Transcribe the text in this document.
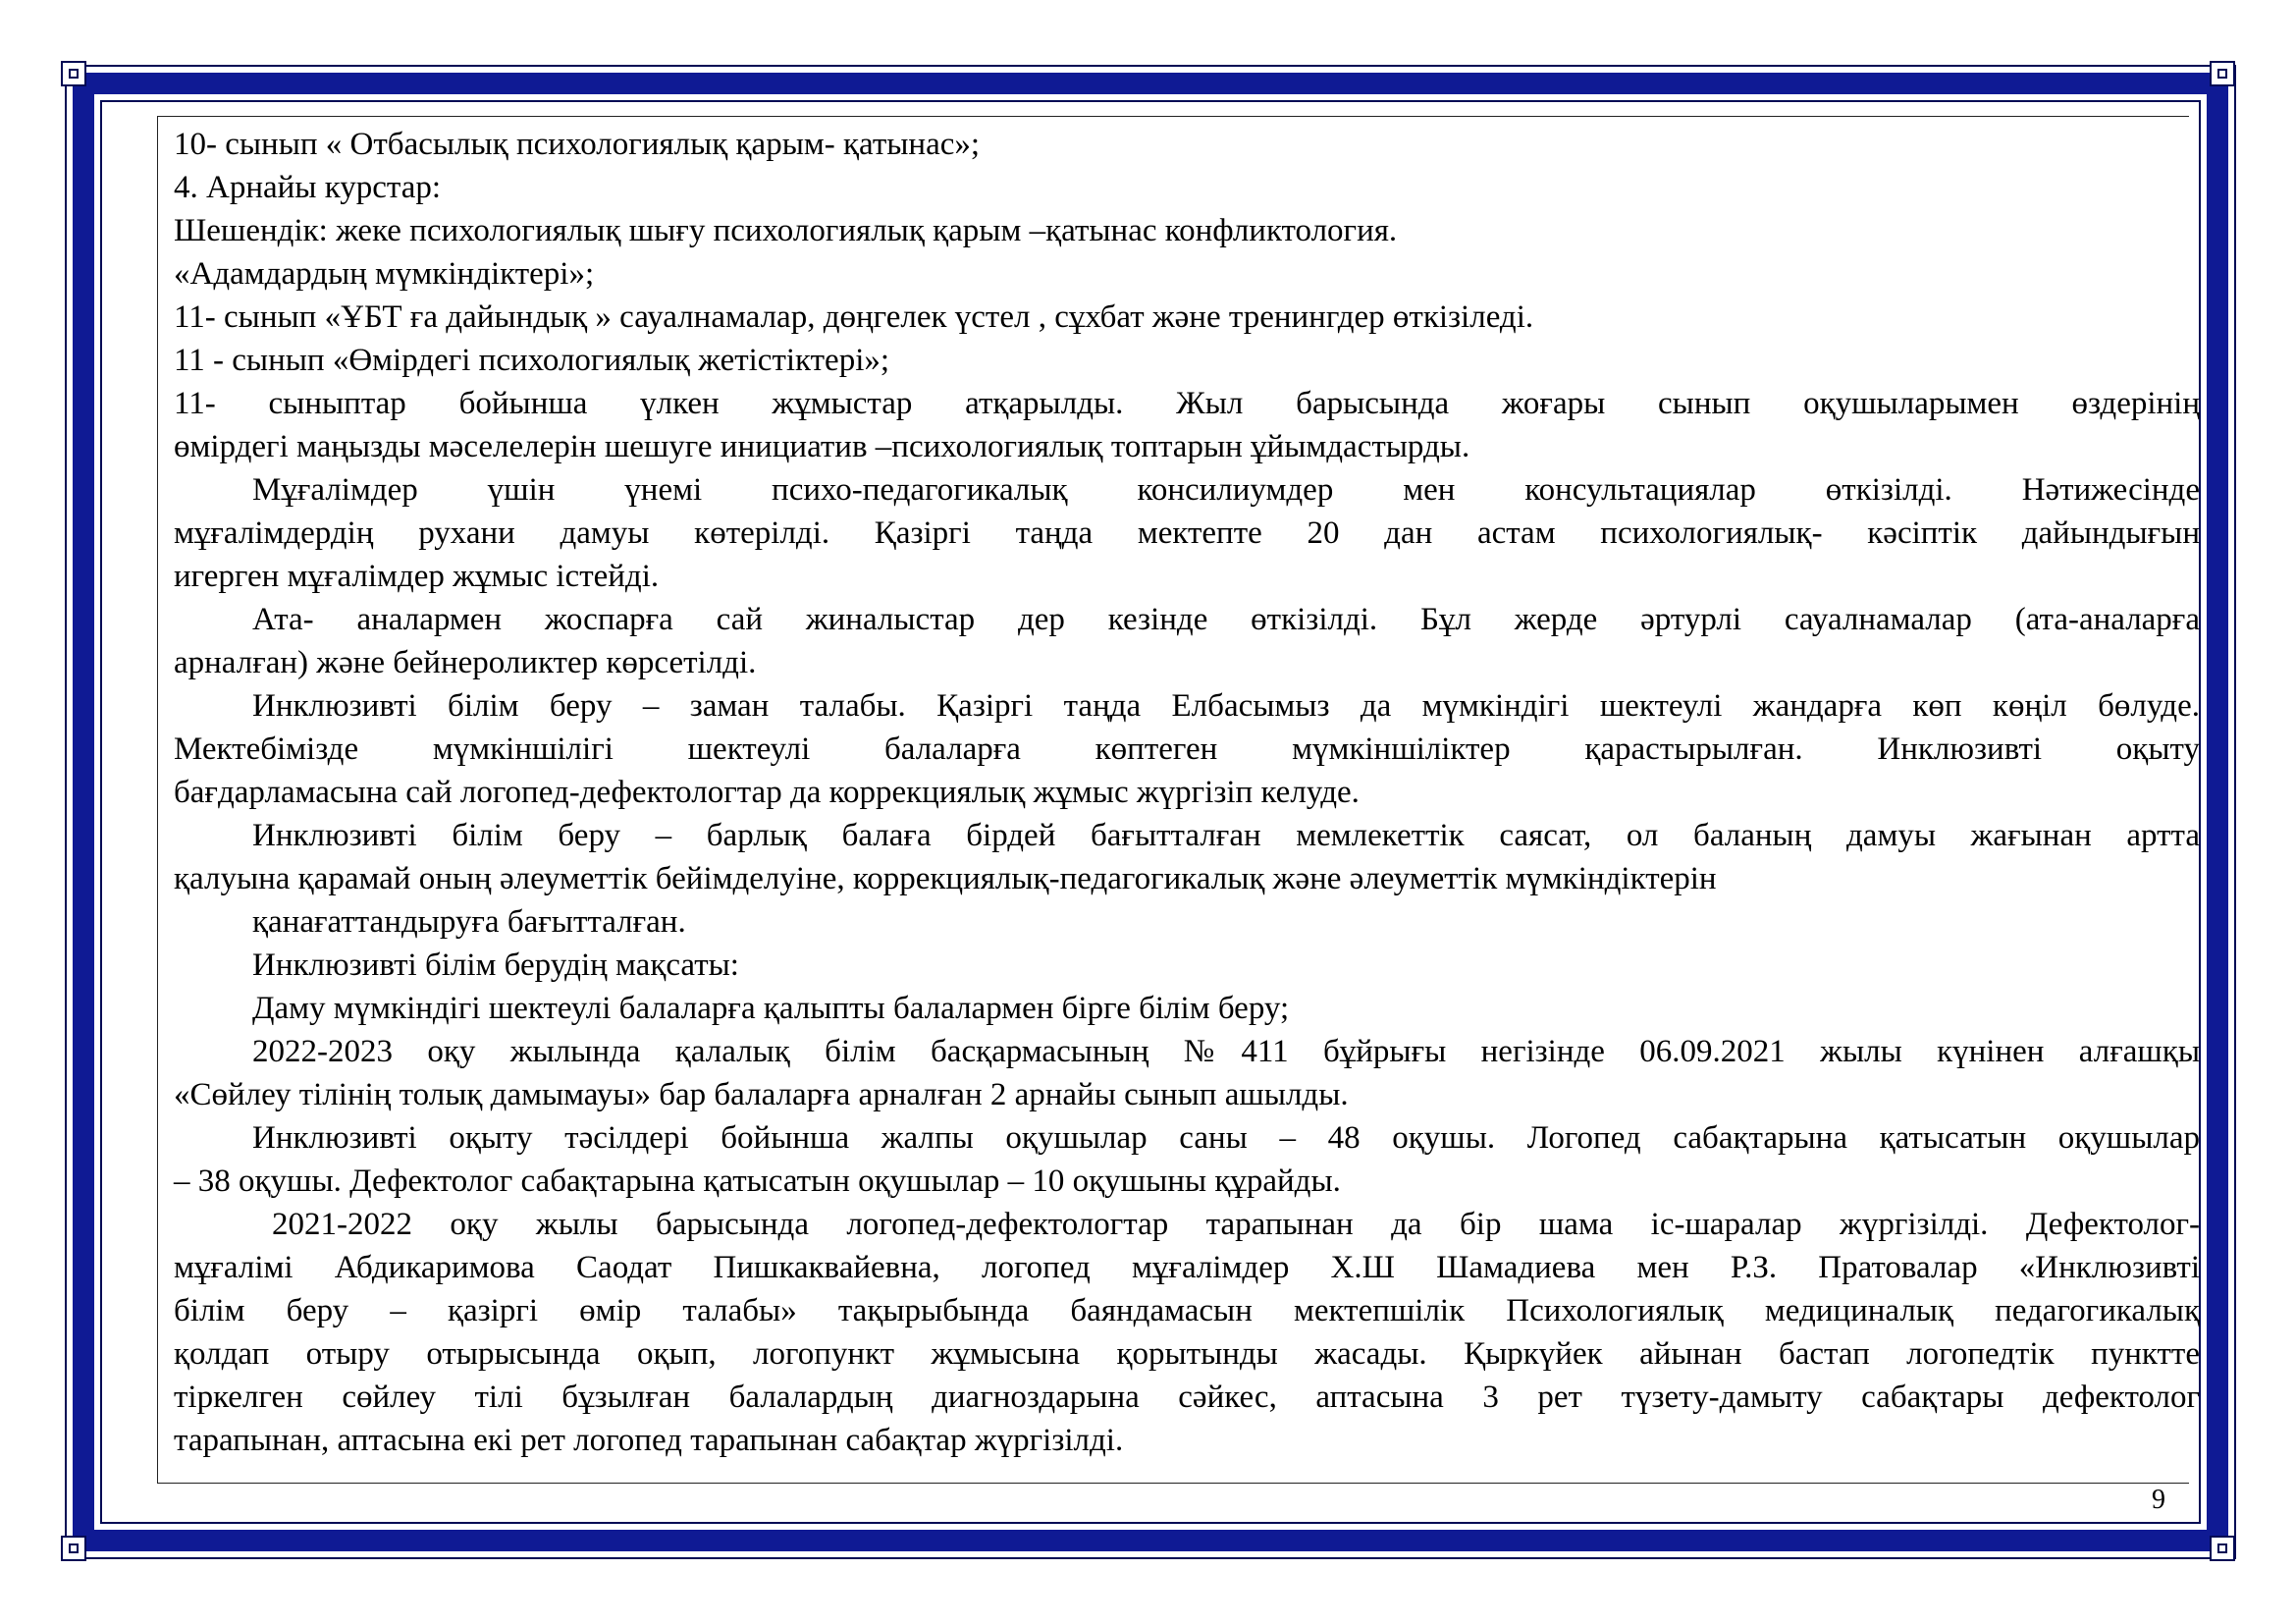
10- сынып « Отбасылық психологиялық қарым- қатынас»;

4. Арнайы курстар:

Шешендік: жеке психологиялық шығу психологиялық қарым –қатынас конфликтология.

«Адамдардың мүмкіндіктері»;

11- сынып «ҰБТ ға дайындық » сауалнамалар, дөңгелек үстел , сұхбат және тренингдер өткізіледі.

11 - сынып «Өмірдегі психологиялық жетістіктері»;

11- сыныптар бойынша үлкен жұмыстар атқарылды. Жыл барысында жоғары сынып оқушыларымен өздерінің

өмірдегі маңызды мәселелерін шешуге инициатив –психологиялық топтарын ұйымдастырды.

Мұғалімдер үшін үнемі психо-педагогикалық консилиумдер мен консультациялар өткізілді. Нәтижесінде

мұғалімдердің рухани дамуы көтерілді. Қазіргі таңда мектепте 20 дан астам психологиялық- кәсіптік дайындығын

игерген мұғалімдер жұмыс істейді.

Ата- аналармен жоспарға сай жиналыстар дер кезінде өткізілді. Бұл жерде әртурлі сауалнамалар (ата-аналарға

арналған) және бейнероликтер көрсетілді.

Инклюзивті білім беру – заман талабы. Қазіргі таңда Елбасымыз да мүмкіндігі шектеулі жандарға көп көңіл бөлуде.

Мектебімізде мүмкіншілігі шектеулі балаларға көптеген мүмкіншіліктер қарастырылған. Инклюзивті оқыту

бағдарламасына сай логопед-дефектологтар да коррекциялық жұмыс жүргізіп келуде.

Инклюзивті білім беру – барлық балаға бірдей бағытталған мемлекеттік саясат, ол баланың дамуы жағынан артта

қалуына қарамай оның әлеуметтік бейімделуіне, коррекциялық-педагогикалық және әлеуметтік мүмкіндіктерін

қанағаттандыруға бағытталған.

Инклюзивті білім берудің мақсаты:

Даму мүмкіндігі шектеулі балаларға қалыпты балалармен бірге білім беру;

2022-2023 оқу жылында қалалық білім басқармасының №411 бұйрығы негізінде 06.09.2021 жылы күнінен алғашқы

«Сөйлеу тілінің толық дамымауы» бар балаларға арналған 2 арнайы сынып ашылды.

Инклюзивті оқыту тәсілдері бойынша жалпы оқушылар саны – 48 оқушы. Логопед сабақтарына қатысатын оқушылар

– 38 оқушы. Дефектолог сабақтарына қатысатын оқушылар – 10 оқушыны құрайды.

2021-2022 оқу жылы барысында логопед-дефектологтар тарапынан да бір шама іс-шаралар жүргізілді. Дефектолог-

мұғалімі Абдикаримова Саодат Пишкаквайевна, логопед мұғалімдер Х.Ш Шамадиева мен Р.З. Пратовалар «Инклюзивті

білім беру – қазіргі өмір талабы» тақырыбында баяндамасын мектепшілік Психологиялық медициналық педагогикалық

қолдап отыру отырысында оқып, логопункт жұмысына қорытынды жасады. Қыркүйек айынан бастап логопедтік пунктте

тіркелген сөйлеу тілі бұзылған балалардың диагноздарына сәйкес, аптасына 3 рет түзету-дамыту сабақтары дефектолог

тарапынан, аптасына екі рет логопед тарапынан сабақтар жүргізілді.

9
